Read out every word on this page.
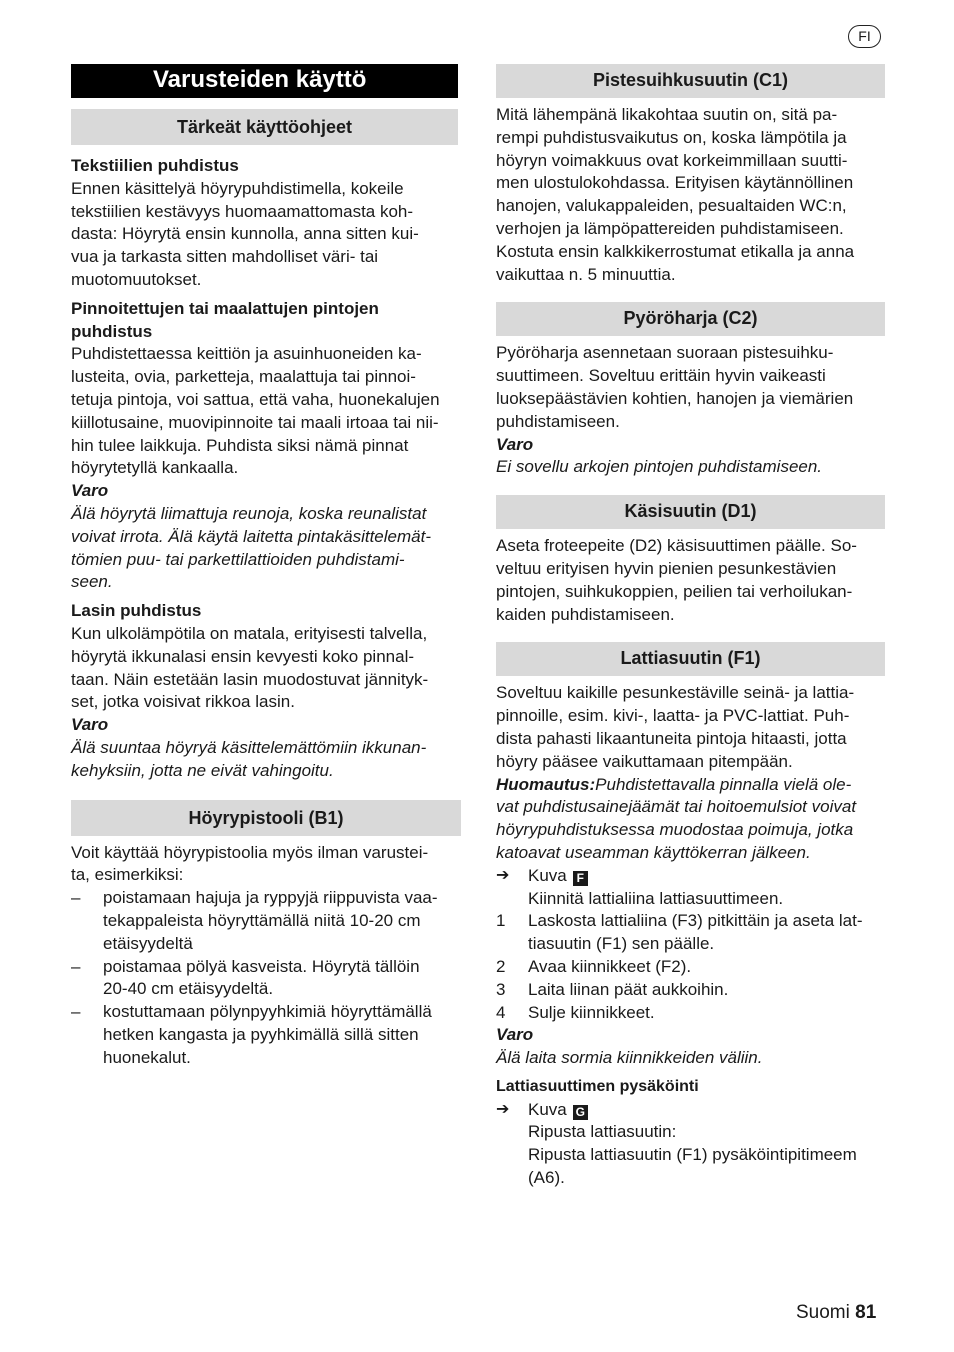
FI
Varusteiden käyttö
Tärkeät käyttöohjeet

Tekstiilien puhdistus

Ennen käsittelyä höyrypuhdistimella, kokeile

tekstiilien kestävyys huomaamattomasta koh-

dasta: Höyrytä ensin kunnolla, anna sitten kui-

vua ja tarkasta sitten mahdolliset väri- tai

muotomuutokset.

Pinnoitettujen tai maalattujen pintojen

puhdistus

Puhdistettaessa keittiön ja asuinhuoneiden ka-

lusteita, ovia, parketteja, maalattuja tai pinnoi-

tetuja pintoja, voi sattua, että vaha, huonekalujen

kiillotusaine, muovipinnoite tai maali irtoaa tai nii-

hin tulee laikkuja. Puhdista siksi nämä pinnat

höyrytetyllä kankaalla.

Varo

Älä höyrytä liimattuja reunoja, koska reunalistat

voivat irrota. Älä käytä laitetta pintakäsittelemät-

tömien puu- tai parkettilattioiden puhdistami-

seen.

Lasin puhdistus

Kun ulkolämpötila on matala, erityisesti talvella,

höyrytä ikkunalasi ensin kevyesti koko pinnal-

taan. Näin estetään lasin muodostuvat jännityk-

set, jotka voisivat rikkoa lasin.

Varo

Älä suuntaa höyryä käsittelemättömiin ikkunan-

kehyksiin, jotta ne eivät vahingoitu.

Höyrypistooli (B1)

Voit käyttää höyrypistoolia myös ilman varustei-

ta, esimerkiksi:

–	poistamaan hajuja ja ryppyjä riippuvista vaa-

tekappaleista höyryttämällä niitä 10-20 cm

etäisyydeltä

–	poistamaa pölyä kasveista. Höyrytä tällöin

20-40 cm etäisyydeltä.

–	kostuttamaan pölynpyyhkimiä höyryttämällä

hetken kangasta ja pyyhkimällä sillä sitten

huonekalut.

Pistesuihkusuutin (C1)

Mitä lähempänä likakohtaa suutin on, sitä pa-

rempi puhdistusvaikutus on, koska lämpötila ja

höyryn voimakkuus ovat korkeimmillaan suutti-

men ulostulokohdassa. Erityisen käytännöllinen

hanojen, valukappaleiden, pesualtaiden WC:n,

verhojen ja lämpöpattereiden puhdistamiseen.

Kostuta ensin kalkkikerrostumat etikalla ja anna

vaikuttaa n. 5 minuuttia.

Pyöröharja (C2)

Pyöröharja asennetaan suoraan pistesuihku-

suuttimeen. Soveltuu erittäin hyvin vaikeasti

luoksepäästävien kohtien, hanojen ja viemärien

puhdistamiseen.

Varo

Ei sovellu arkojen pintojen puhdistamiseen.

Käsisuutin (D1)

Aseta froteepeite (D2) käsisuuttimen päälle. So-

veltuu erityisen hyvin pienien pesunkestävien

pintojen, suihkukoppien, peilien tai verhoilukan-

kaiden puhdistamiseen.

Lattiasuutin (F1)

Soveltuu kaikille pesunkestäville seinä- ja lattia-

pinnoille, esim. kivi-, laatta- ja PVC-lattiat. Puh-

dista pahasti likaantuneita pintoja hitaasti, jotta

höyry pääsee vaikuttamaan pitempään.

Huomautus:Puhdistettavalla pinnalla vielä ole-

vat puhdistusainejäämät tai hoitoemulsiot voivat

höyrypuhdistuksessa muodostaa poimuja, jotka

katoavat useamman käyttökerran jälkeen.

➔	Kuva F

Kiinnitä lattialiina lattiasuuttimeen.

1	Laskosta lattialiina (F3) pitkittäin ja aseta lat-

tiasuutin (F1) sen päälle.

2	Avaa kiinnikkeet (F2).

3	Laita liinan päät aukkoihin.

4	Sulje kiinnikkeet.

Varo

Älä laita sormia kiinnikkeiden väliin.

Lattiasuuttimen pysäköinti

➔	Kuva G

Ripusta lattiasuutin:

Ripusta lattiasuutin (F1) pysäköintipitimeem

(A6).

Suomi 81
